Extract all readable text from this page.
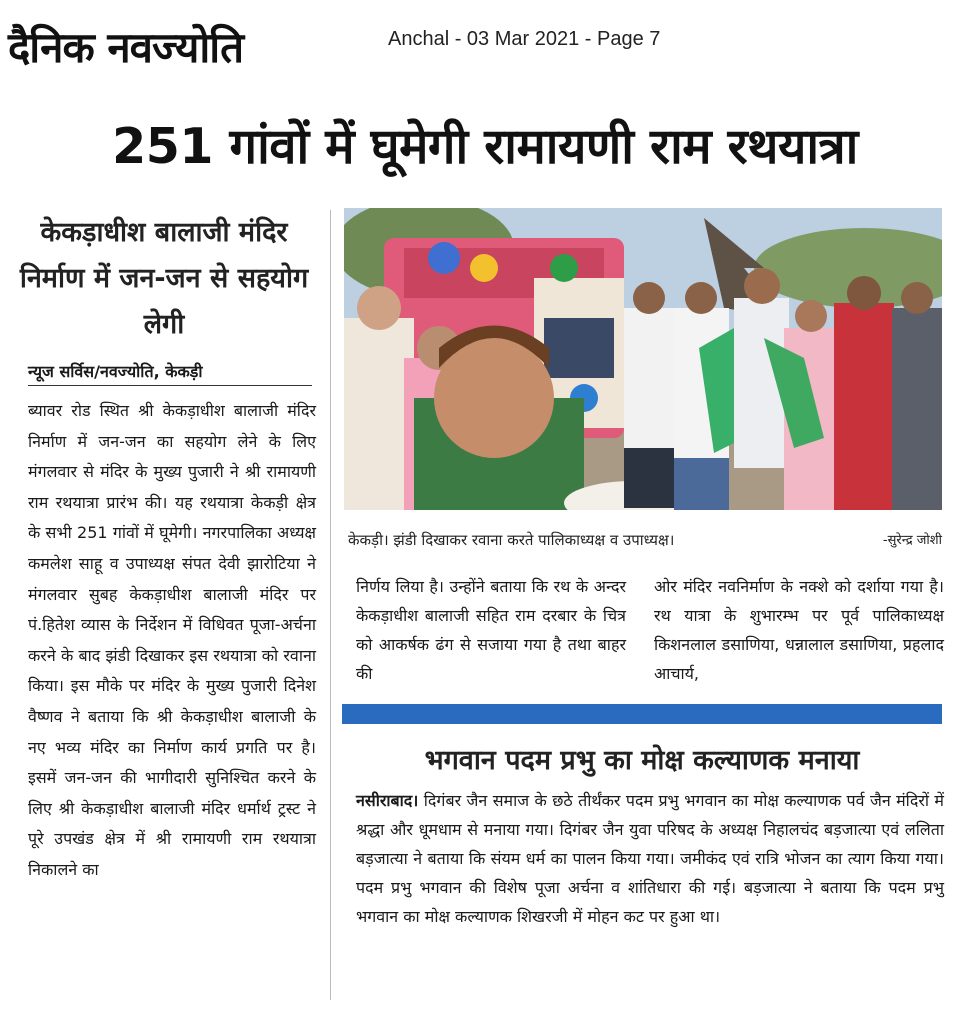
दैनिक नवज्योति	Anchal - 03 Mar 2021 - Page 7
251 गांवों में घूमेगी रामायणी राम रथयात्रा
केकड़ाधीश बालाजी मंदिर निर्माण में जन-जन से सहयोग लेगी
न्यूज सर्विस/नवज्योति, केकड़ी

ब्यावर रोड स्थित श्री केकड़ाधीश बालाजी मंदिर निर्माण में जन-जन का सहयोग लेने के लिए मंगलवार से मंदिर के मुख्य पुजारी ने श्री रामायणी राम रथयात्रा प्रारंभ की। यह रथयात्रा केकड़ी क्षेत्र के सभी 251 गांवों में घूमेगी। नगरपालिका अध्यक्ष कमलेश साहू व उपाध्यक्ष संपत देवी झारोटिया ने मंगलवार सुबह केकड़ाधीश बालाजी मंदिर पर पं.हितेश व्यास के निर्देशन में विधिवत पूजा-अर्चना करने के बाद झंडी दिखाकर इस रथयात्रा को रवाना किया। इस मौके पर मंदिर के मुख्य पुजारी दिनेश वैष्णव ने बताया कि श्री केकड़ाधीश बालाजी के नए भव्य मंदिर का निर्माण कार्य प्रगति पर है। इसमें जन-जन की भागीदारी सुनिश्चित करने के लिए श्री केकड़ाधीश बालाजी मंदिर धर्मार्थ ट्रस्ट ने पूरे उपखंड क्षेत्र में श्री रामायणी राम रथयात्रा निकालने का

केकड़ी। झंडी दिखाकर रवाना करते पालिकाध्यक्ष व उपाध्यक्ष।	-सुरेन्द्र जोशी
निर्णय लिया है। उन्होंने बताया कि रथ के अन्दर केकड़ाधीश बालाजी सहित राम दरबार के चित्र को आकर्षक ढंग से सजाया गया है तथा बाहर की
ओर मंदिर नवनिर्माण के नक्शे को दर्शाया गया है। रथ यात्रा के शुभारम्भ पर पूर्व पालिकाध्यक्ष किशनलाल डसाणिया, धन्नालाल डसाणिया, प्रहलाद आचार्य,
भगवान पदम प्रभु का मोक्ष कल्याणक मनाया
नसीराबाद। दिगंबर जैन समाज के छठे तीर्थंकर पदम प्रभु भगवान का मोक्ष कल्याणक पर्व जैन मंदिरों में श्रद्धा और धूमधाम से मनाया गया। दिगंबर जैन युवा परिषद के अध्यक्ष निहालचंद बड़जात्या एवं ललिता बड़जात्या ने बताया कि संयम धर्म का पालन किया गया। जमीकंद एवं रात्रि भोजन का त्याग किया गया। पदम प्रभु भगवान की विशेष पूजा अर्चना व शांतिधारा की गई। बड़जात्या ने बताया कि पदम प्रभु भगवान का मोक्ष कल्याणक शिखरजी में मोहन कट पर हुआ था।
